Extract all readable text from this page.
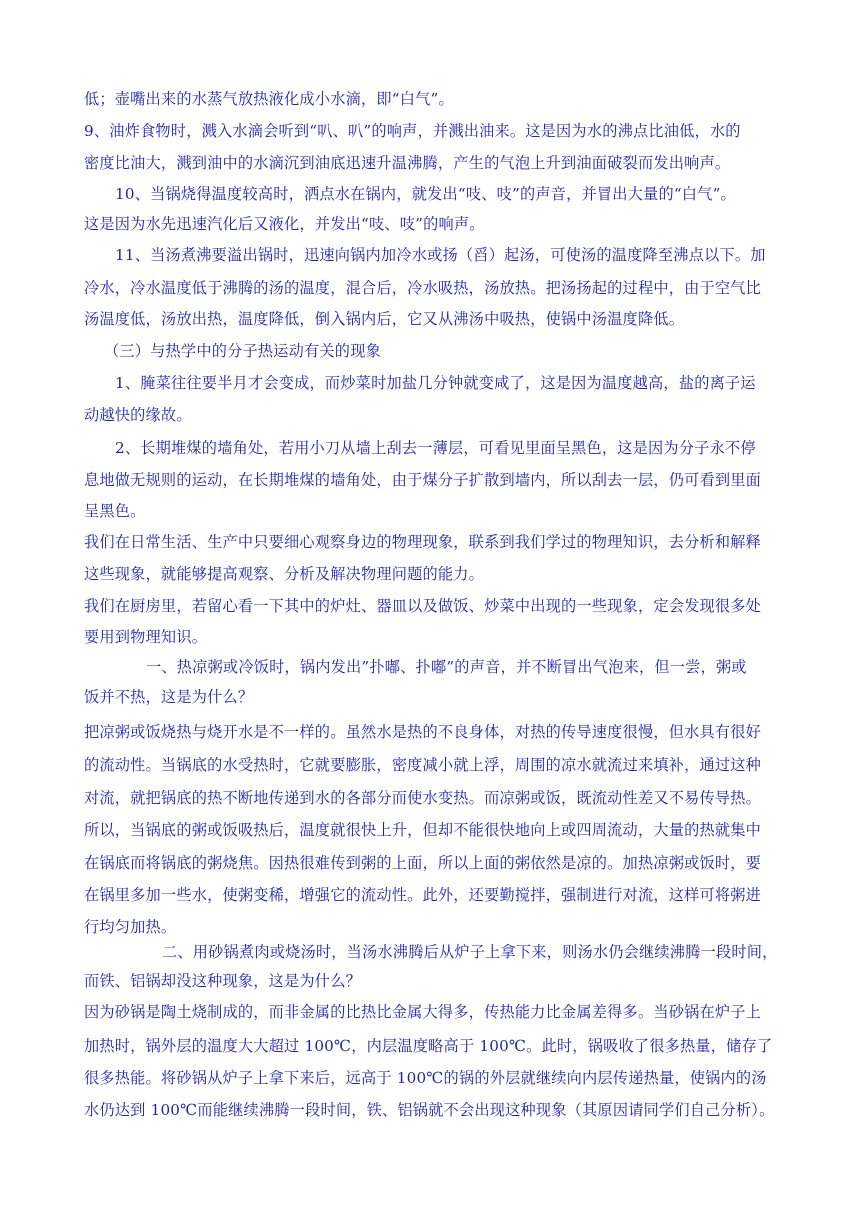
低；壶嘴出来的水蒸气放热液化成小水滴，即“白气”。
9、油炸食物时，溅入水滴会听到“叭、叭”的响声，并溅出油来。这是因为水的沸点比油低，水的
密度比油大，溅到油中的水滴沉到油底迅速升温沸腾，产生的气泡上升到油面破裂而发出响声。
10、当锅烧得温度较高时，洒点水在锅内，就发出“吱、吱”的声音，并冒出大量的“白气”。
这是因为水先迅速汽化后又液化，并发出“吱、吱”的响声。
11、当汤煮沸要溢出锅时，迅速向锅内加冷水或扬（舀）起汤，可使汤的温度降至沸点以下。加
冷水，冷水温度低于沸腾的汤的温度，混合后，冷水吸热，汤放热。把汤扬起的过程中，由于空气比
汤温度低，汤放出热，温度降低，倒入锅内后，它又从沸汤中吸热，使锅中汤温度降低。
（三）与热学中的分子热运动有关的现象
1、腌菜往往要半月才会变成，而炒菜时加盐几分钟就变咸了，这是因为温度越高，盐的离子运
动越快的缘故。
2、长期堆煤的墙角处，若用小刀从墙上刮去一薄层，可看见里面呈黑色，这是因为分子永不停
息地做无规则的运动，在长期堆煤的墙角处，由于煤分子扩散到墙内，所以刮去一层，仍可看到里面
呈黑色。
我们在日常生活、生产中只要细心观察身边的物理现象，联系到我们学过的物理知识，去分析和解释
这些现象，就能够提高观察、分析及解决物理问题的能力。
我们在厨房里，若留心看一下其中的炉灶、器皿以及做饭、炒菜中出现的一些现象，定会发现很多处
要用到物理知识。
一、热凉粥或冷饭时，锅内发出”扑嘟、扑嘟”的声音，并不断冒出气泡来，但一尝，粥或
饭并不热，这是为什么？
把凉粥或饭烧热与烧开水是不一样的。虽然水是热的不良身体，对热的传导速度很慢，但水具有很好
的流动性。当锅底的水受热时，它就要膨胀，密度减小就上浮，周围的凉水就流过来填补，通过这种
对流，就把锅底的热不断地传递到水的各部分而使水变热。而凉粥或饭，既流动性差又不易传导热。
所以，当锅底的粥或饭吸热后，温度就很快上升，但却不能很快地向上或四周流动，大量的热就集中
在锅底而将锅底的粥烧焦。因热很难传到粥的上面，所以上面的粥依然是凉的。加热凉粥或饭时，要
在锅里多加一些水，使粥变稀，增强它的流动性。此外，还要勤搅拌，强制进行对流，这样可将粥进
行均匀加热。
二、用砂锅煮肉或烧汤时，当汤水沸腾后从炉子上拿下来，则汤水仍会继续沸腾一段时间，
而铁、铝锅却没这种现象，这是为什么？
因为砂锅是陶土烧制成的，而非金属的比热比金属大得多，传热能力比金属差得多。当砂锅在炉子上
加热时，锅外层的温度大大超过 100℃，内层温度略高于 100℃。此时，锅吸收了很多热量，储存了
很多热能。将砂锅从炉子上拿下来后，远高于 100℃的锅的外层就继续向内层传递热量，使锅内的汤
水仍达到 100℃而能继续沸腾一段时间，铁、铝锅就不会出现这种现象（其原因请同学们自己分析）。
